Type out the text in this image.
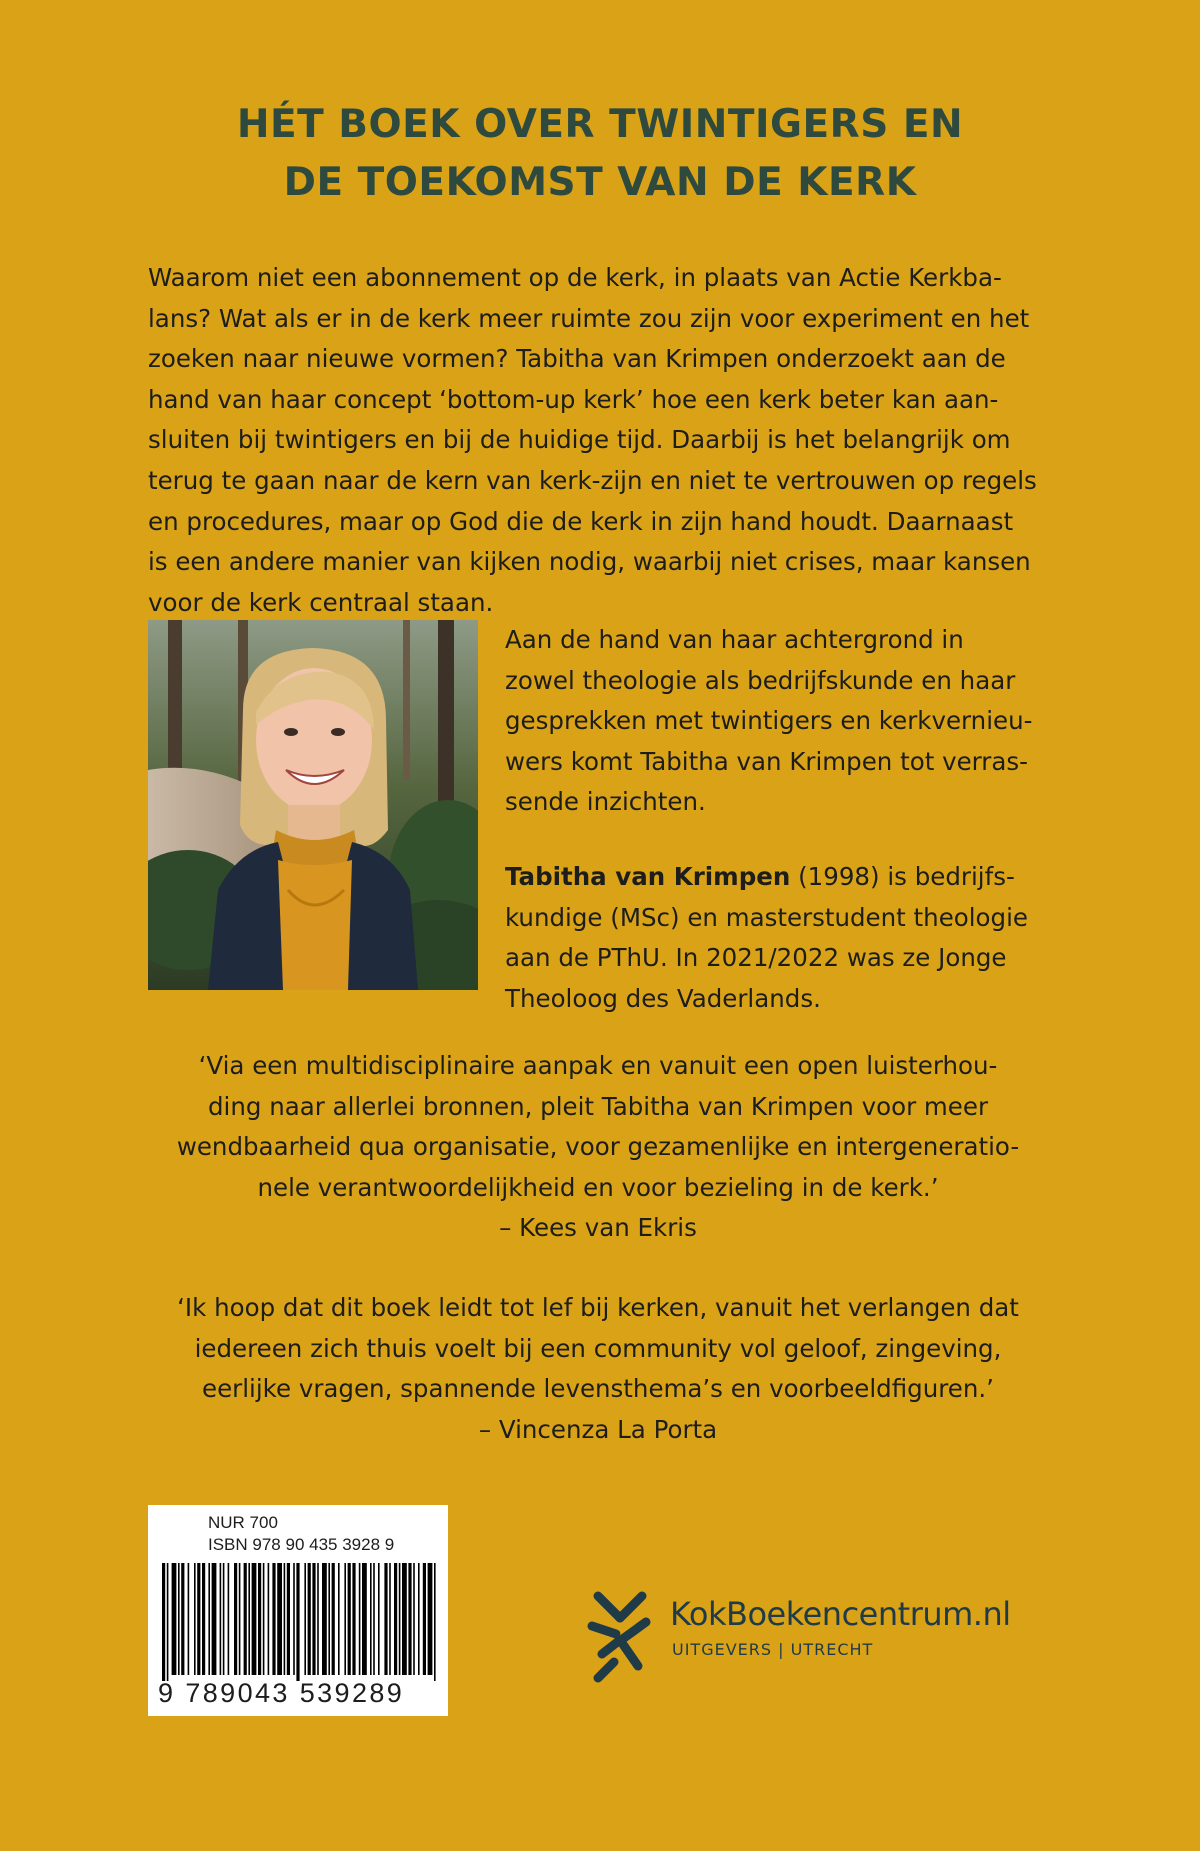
HÉT BOEK OVER TWINTIGERS EN
DE TOEKOMST VAN DE KERK
Waarom niet een abonnement op de kerk, in plaats van Actie Kerkba-
lans? Wat als er in de kerk meer ruimte zou zijn voor experiment en het
zoeken naar nieuwe vormen? Tabitha van Krimpen onderzoekt aan de
hand van haar concept ‘bottom-up kerk’ hoe een kerk beter kan aan-
sluiten bij twintigers en bij de huidige tijd. Daarbij is het belangrijk om
terug te gaan naar de kern van kerk-zijn en niet te vertrouwen op regels
en procedures, maar op God die de kerk in zijn hand houdt. Daarnaast
is een andere manier van kijken nodig, waarbij niet crises, maar kansen
voor de kerk centraal staan.
Aan de hand van haar achtergrond in
zowel theologie als bedrijfskunde en haar
gesprekken met twintigers en kerkvernieu-
wers komt Tabitha van Krimpen tot verras-
sende inzichten.
Tabitha van Krimpen (1998) is bedrijfs-
kundige (MSc) en masterstudent theologie
aan de PThU. In 2021/2022 was ze Jonge
Theoloog des Vaderlands.
‘Via een multidisciplinaire aanpak en vanuit een open luisterhou-
ding naar allerlei bronnen, pleit Tabitha van Krimpen voor meer
wendbaarheid qua organisatie, voor gezamenlijke en intergeneratio-
nele verantwoordelijkheid en voor bezieling in de kerk.’
– Kees van Ekris
‘Ik hoop dat dit boek leidt tot lef bij kerken, vanuit het verlangen dat
iedereen zich thuis voelt bij een community vol geloof, zingeving,
eerlijke vragen, spannende levensthema’s en voorbeeldfiguren.’
– Vincenza La Porta
NUR 700
ISBN 978 90 435 3928 9
9 789043 539289
KokBoekencentrum.nl
UITGEVERS | UTRECHT
